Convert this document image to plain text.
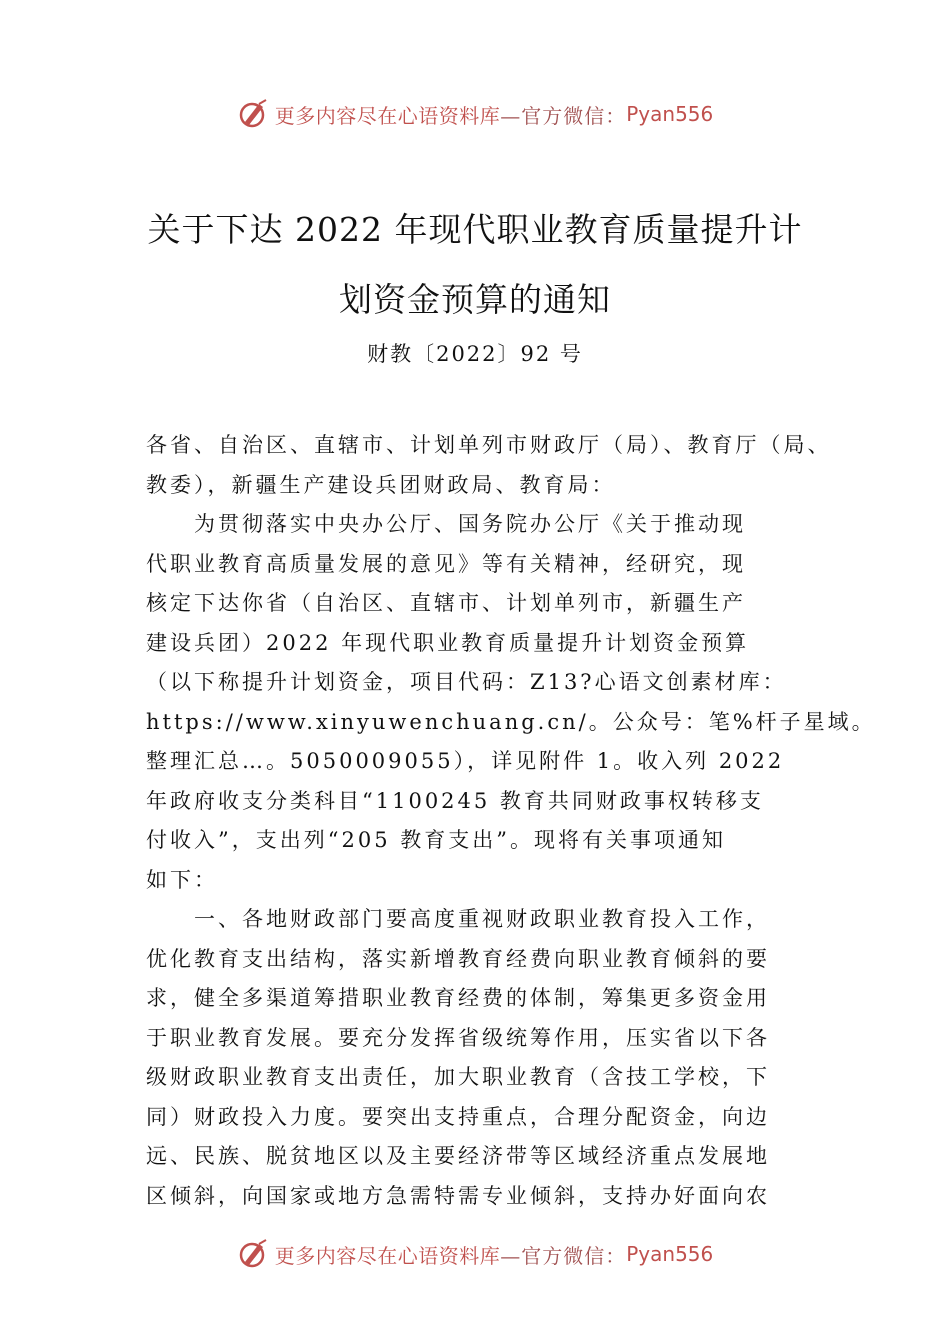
更多内容尽在心语资料库 —官方微信： Pyan556
关于下达 2022 年现代职业教育质量提升计
划资金预算的通知
财教〔2022〕92 号
各省、自治区、直辖市、计划单列市财政厅（局）、教育厅（局、
教委），新疆生产建设兵团财政局、教育局：
为贯彻落实中央办公厅、国务院办公厅《关于推动现
代职业教育高质量发展的意见》等有关精神，经研究，现
核定下达你省（自治区、直辖市、计划单列市，新疆生产
建设兵团）2022 年现代职业教育质量提升计划资金预算
（以下称提升计划资金，项目代码：Z13?心语文创素材库：
https://www.xinyuwenchuang.cn/。公众号：笔%杆子星域。
整理汇总…。5050009055），详见附件 1。收入列 2022
年政府收支分类科目“1100245 教育共同财政事权转移支
付收入”，支出列“205 教育支出”。现将有关事项通知
如下：
一、各地财政部门要高度重视财政职业教育投入工作，
优化教育支出结构，落实新增教育经费向职业教育倾斜的要
求，健全多渠道筹措职业教育经费的体制，筹集更多资金用
于职业教育发展。要充分发挥省级统筹作用，压实省以下各
级财政职业教育支出责任，加大职业教育（含技工学校，下
同）财政投入力度。要突出支持重点，合理分配资金，向边
远、民族、脱贫地区以及主要经济带等区域经济重点发展地
区倾斜，向国家或地方急需特需专业倾斜，支持办好面向农
更多内容尽在心语资料库 —官方微信： Pyan556
